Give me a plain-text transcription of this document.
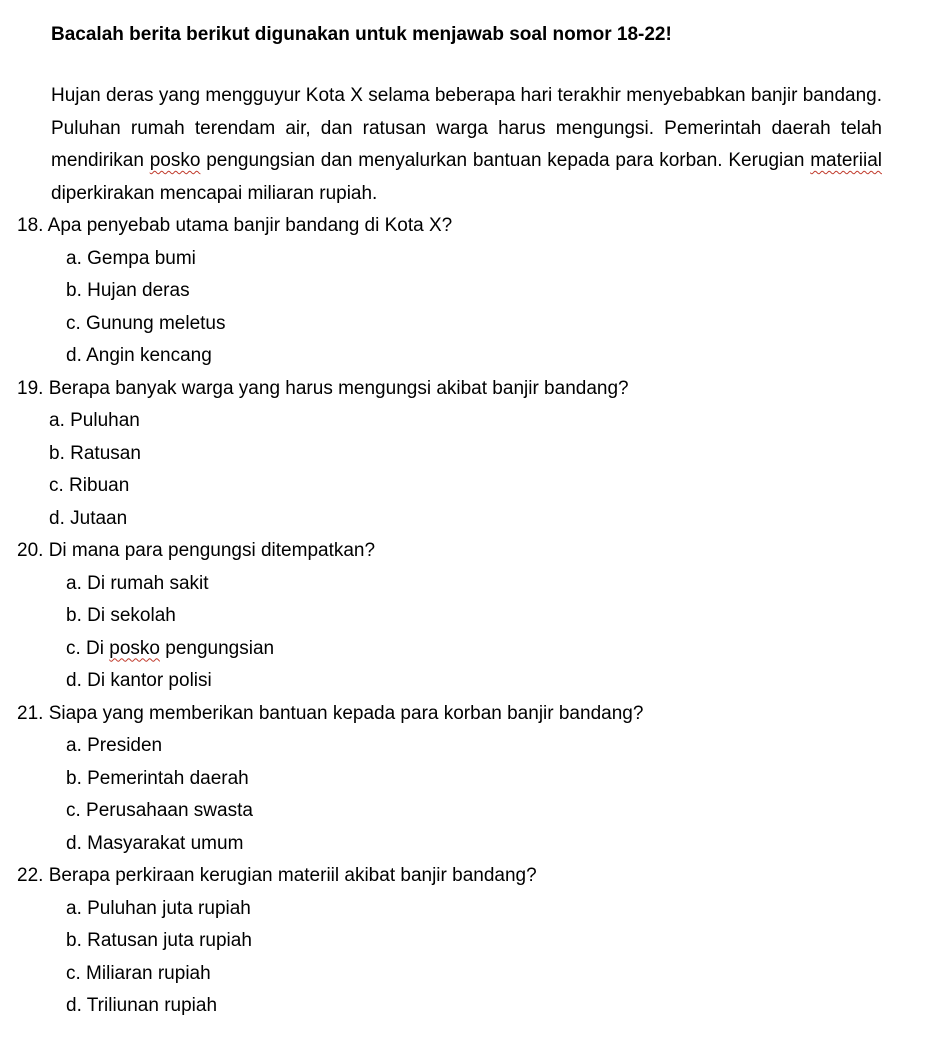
Bacalah berita berikut digunakan untuk menjawab soal nomor 18-22!

Hujan deras yang mengguyur Kota X selama beberapa hari terakhir menyebabkan banjir bandang. Puluhan rumah terendam air, dan ratusan warga harus mengungsi. Pemerintah daerah telah mendirikan posko pengungsian dan menyalurkan bantuan kepada para korban. Kerugian materiial diperkirakan mencapai miliaran rupiah.

18. Apa penyebab utama banjir bandang di Kota X?

a. Gempa bumi
b. Hujan deras
c. Gunung meletus
d. Angin kencang

19. Berapa banyak warga yang harus mengungsi akibat banjir bandang?

a. Puluhan
b. Ratusan
c. Ribuan
d. Jutaan

20. Di mana para pengungsi ditempatkan?

a. Di rumah sakit
b. Di sekolah
c. Di posko pengungsian
d. Di kantor polisi

21. Siapa yang memberikan bantuan kepada para korban banjir bandang?

a. Presiden
b. Pemerintah daerah
c. Perusahaan swasta
d. Masyarakat umum

22. Berapa perkiraan kerugian materiil akibat banjir bandang?

a. Puluhan juta rupiah
b. Ratusan juta rupiah
c. Miliaran rupiah
d. Triliunan rupiah
